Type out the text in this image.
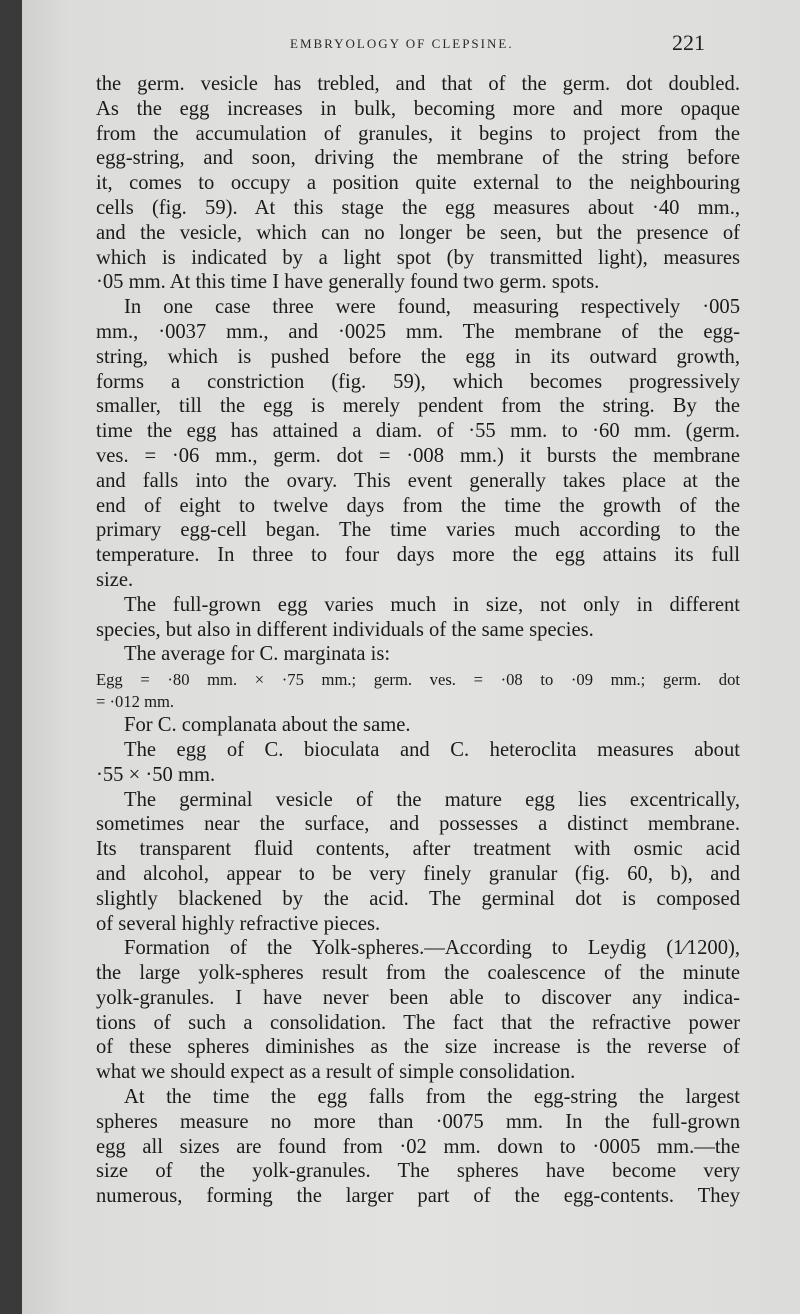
EMBRYOLOGY OF CLEPSINE.	221
the germ. vesicle has trebled, and that of the germ. dot doubled.
As the egg increases in bulk, becoming more and more opaque
from the accumulation of granules, it begins to project from the
egg-string, and soon, driving the membrane of the string before
it, comes to occupy a position quite external to the neighbouring
cells (fig. 59). At this stage the egg measures about ·40 mm.,
and the vesicle, which can no longer be seen, but the presence of
which is indicated by a light spot (by transmitted light), measures
·05 mm. At this time I have generally found two germ. spots.
In one case three were found, measuring respectively ·005
mm., ·0037 mm., and ·0025 mm. The membrane of the egg-
string, which is pushed before the egg in its outward growth,
forms a constriction (fig. 59), which becomes progressively
smaller, till the egg is merely pendent from the string. By the
time the egg has attained a diam. of ·55 mm. to ·60 mm. (germ.
ves. = ·06 mm., germ. dot = ·008 mm.) it bursts the membrane
and falls into the ovary. This event generally takes place at the
end of eight to twelve days from the time the growth of the
primary egg-cell began. The time varies much according to the
temperature. In three to four days more the egg attains its full
size.
The full-grown egg varies much in size, not only in different
species, but also in different individuals of the same species.
The average for C. marginata is:
Egg = ·80 mm. × ·75 mm.; germ. ves. = ·08 to ·09 mm.; germ. dot
= ·012 mm.
For C. complanata about the same.
The egg of C. bioculata and C. heteroclita measures about
·55 × ·50 mm.
The germinal vesicle of the mature egg lies excentrically,
sometimes near the surface, and possesses a distinct membrane.
Its transparent fluid contents, after treatment with osmic acid
and alcohol, appear to be very finely granular (fig. 60, b), and
slightly blackened by the acid. The germinal dot is composed
of several highly refractive pieces.
Formation of the Yolk-spheres.—According to Leydig (1⁄1200),
the large yolk-spheres result from the coalescence of the minute
yolk-granules. I have never been able to discover any indica-
tions of such a consolidation. The fact that the refractive power
of these spheres diminishes as the size increase is the reverse of
what we should expect as a result of simple consolidation.
At the time the egg falls from the egg-string the largest
spheres measure no more than ·0075 mm. In the full-grown
egg all sizes are found from ·02 mm. down to ·0005 mm.—the
size of the yolk-granules. The spheres have become very
numerous, forming the larger part of the egg-contents. They
